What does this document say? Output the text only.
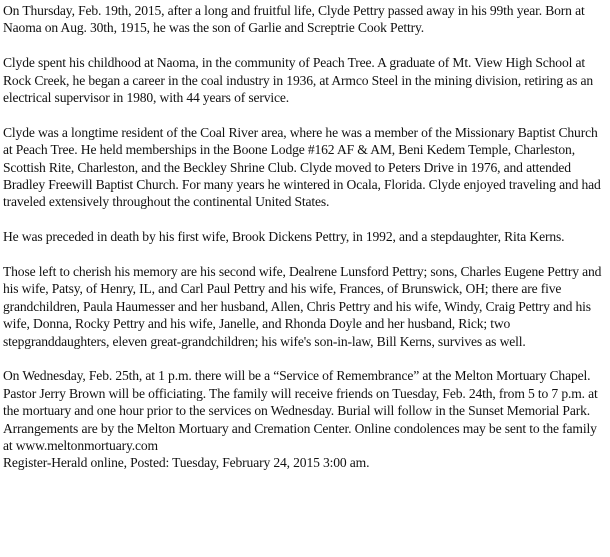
On Thursday, Feb. 19th, 2015, after a long and fruitful life, Clyde Pettry passed away in his 99th year. Born at Naoma on Aug. 30th, 1915, he was the son of Garlie and Screptrie Cook Pettry.

Clyde spent his childhood at Naoma, in the community of Peach Tree. A graduate of Mt. View High School at Rock Creek, he began a career in the coal industry in 1936, at Armco Steel in the mining division, retiring as an electrical supervisor in 1980, with 44 years of service.

Clyde was a longtime resident of the Coal River area, where he was a member of the Missionary Baptist Church at Peach Tree. He held memberships in the Boone Lodge #162 AF & AM, Beni Kedem Temple, Charleston, Scottish Rite, Charleston, and the Beckley Shrine Club. Clyde moved to Peters Drive in 1976, and attended Bradley Freewill Baptist Church. For many years he wintered in Ocala, Florida. Clyde enjoyed traveling and had traveled extensively throughout the continental United States.

He was preceded in death by his first wife, Brook Dickens Pettry, in 1992, and a stepdaughter, Rita Kerns.

Those left to cherish his memory are his second wife, Dealrene Lunsford Pettry; sons, Charles Eugene Pettry and his wife, Patsy, of Henry, IL, and Carl Paul Pettry and his wife, Frances, of Brunswick, OH; there are five grandchildren, Paula Haumesser and her husband, Allen, Chris Pettry and his wife, Windy, Craig Pettry and his wife, Donna, Rocky Pettry and his wife, Janelle, and Rhonda Doyle and her husband, Rick; two stepgranddaughters, eleven great-grandchildren; his wife's son-in-law, Bill Kerns, survives as well.

On Wednesday, Feb. 25th, at 1 p.m. there will be a “Service of Remembrance” at the Melton Mortuary Chapel. Pastor Jerry Brown will be officiating. The family will receive friends on Tuesday, Feb. 24th, from 5 to 7 p.m. at the mortuary and one hour prior to the services on Wednesday. Burial will follow in the Sunset Memorial Park. Arrangements are by the Melton Mortuary and Cremation Center. Online condolences may be sent to the family at www.meltonmortuary.com

Register-Herald online, Posted: Tuesday, February 24, 2015 3:00 am.
